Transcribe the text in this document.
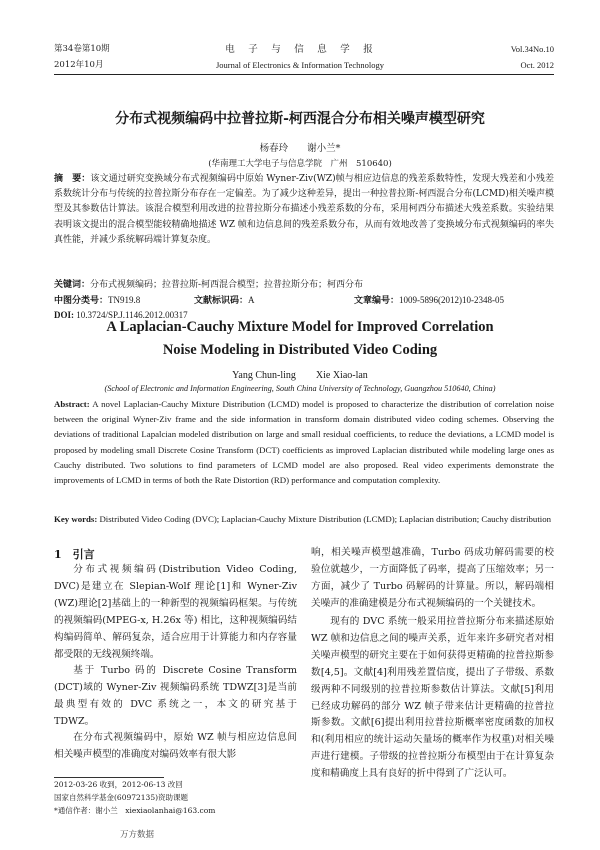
第34卷第10期
2012年10月
电　子　与　信　息　学　报
Journal of Electronics & Information Technology
Vol.34No.10
Oct. 2012
分布式视频编码中拉普拉斯-柯西混合分布相关噪声模型研究
杨春玲　　谢小兰*
(华南理工大学电子与信息学院　广州　510640)
摘　要：该文通过研究变换域分布式视频编码中原始 Wyner-Ziv(WZ)帧与相应边信息的残差系数特性，发现大残差和小残差系数统计分布与传统的拉普拉斯分布存在一定偏差。为了减少这种差异，提出一种拉普拉斯-柯西混合分布(LCMD)相关噪声模型及其参数估计算法。该混合模型利用改进的拉普拉斯分布描述小残差系数的分布，采用柯西分布描述大残差系数。实验结果表明该文提出的混合模型能较精确地描述 WZ 帧和边信息间的残差系数分布，从而有效地改善了变换域分布式视频编码的率失真性能，并减少系统解码端计算复杂度。
关键词：分布式视频编码；拉普拉斯-柯西混合模型；拉普拉斯分布；柯西分布
中图分类号：TN919.8	文献标识码：A	文章编号：1009-5896(2012)10-2348-05
DOI: 10.3724/SP.J.1146.2012.00317
A Laplacian-Cauchy Mixture Model for Improved Correlation
Noise Modeling in Distributed Video Coding
Yang Chun-ling　　Xie Xiao-lan
(School of Electronic and Information Engineering, South China University of Technology, Guangzhou 510640, China)
Abstract: A novel Laplacian-Cauchy Mixture Distribution (LCMD) model is proposed to characterize the distribution of correlation noise between the original Wyner-Ziv frame and the side information in transform domain distributed video coding schemes. Observing the deviations of traditional Lapalcian modeled distribution on large and small residual coefficients, to reduce the deviations, a LCMD model is proposed by modeling small Discrete Cosine Transform (DCT) coefficients as improved Laplacian distributed while modeling large ones as Cauchy distributed. Two solutions to find parameters of LCMD model are also proposed. Real video experiments demonstrate the improvements of LCMD in terms of both the Rate Distortion (RD) performance and computation complexity.
Key words: Distributed Video Coding (DVC); Laplacian-Cauchy Mixture Distribution (LCMD); Laplacian distribution; Cauchy distribution
1　引言
分布式视频编码(Distribution Video Coding, DVC)是建立在 Slepian-Wolf 理论[1]和 Wyner-Ziv (WZ)理论[2]基础上的一种新型的视频编码框架。与传统的视频编码(MPEG-x, H.26x 等) 相比，这种视频编码结构编码简单、解码复杂，适合应用于计算能力和内存容量都受限的无线视频终端。
基于 Turbo 码的 Discrete Cosine Transform (DCT)域的 Wyner-Ziv 视频编码系统 TDWZ[3]是当前最典型有效的 DVC 系统之一，本文的研究基于 TDWZ。
在分布式视频编码中，原始 WZ 帧与相应边信息间相关噪声模型的准确度对编码效率有很大影
响，相关噪声模型越准确，Turbo 码成功解码需要的校验位就越少，一方面降低了码率，提高了压缩效率；另一方面，减少了 Turbo 码解码的计算量。所以，解码端相关噪声的准确建模是分布式视频编码的一个关键技术。
现有的 DVC 系统一般采用拉普拉斯分布来描述原始 WZ 帧和边信息之间的噪声关系，近年来许多研究者对相关噪声模型的研究主要在于如何获得更精确的拉普拉斯参数[4,5]。文献[4]利用残差置信度，提出了子带级、系数级两种不同级别的拉普拉斯参数估计算法。文献[5]利用已经成功解码的部分 WZ 帧子带来估计更精确的拉普拉斯参数。文献[6]提出利用拉普拉斯概率密度函数的加权和(利用相应的统计运动矢量场的概率作为权重)对相关噪声进行建模。子带级的拉普拉斯分布模型由于在计算复杂度和精确度上具有良好的折中得到了广泛认可。
2012-03-26 收到，2012-06-13 改回
国家自然科学基金(60972135)资助课题
*通信作者：谢小兰　xiexiaolanhai@163.com
万方数据
